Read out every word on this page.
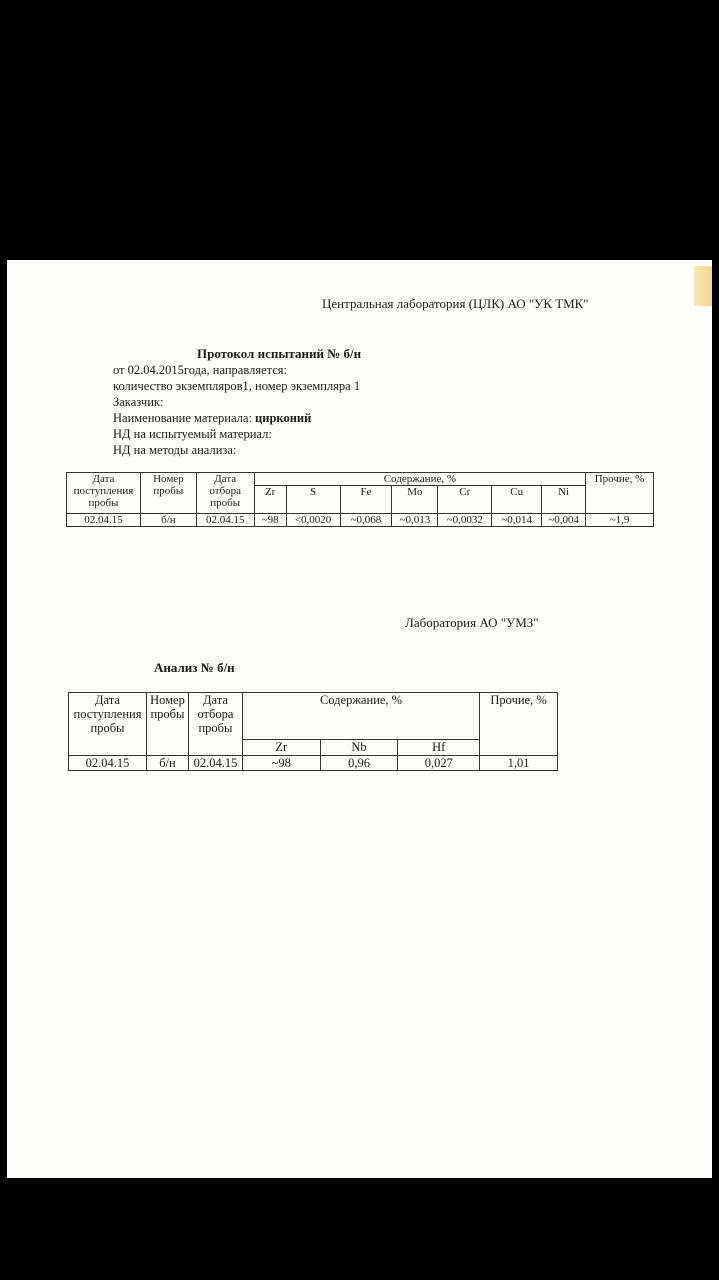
Центральная лаборатория (ЦЛК) АО "УК ТМК"
Протокол испытаний № б/н
от 02.04.2015года, направляется:
количество экземпляров1, номер экземпляра 1
Заказчик:
Наименование материала: цирконий
НД на испытуемый материал:
НД на методы анализа:
Дата поступления пробы	Номер пробы	Дата отбора пробы	Содержание, %							Прочие, %
			Zr	S	Fe	Mo	Cr	Cu	Ni	
02.04.15	б/н	02.04.15	~98	<0,0020	~0,068	~0,013	~0,0032	~0,014	~0,004	~1,9
Лаборатория АО "УМЗ"
Анализ № б/н
Дата поступления пробы	Номер пробы	Дата отбора пробы	Содержание, %			Прочие, %
			Zr	Nb	Hf	
02.04.15	б/н	02.04.15	~98	0,96	0,027	1,01
